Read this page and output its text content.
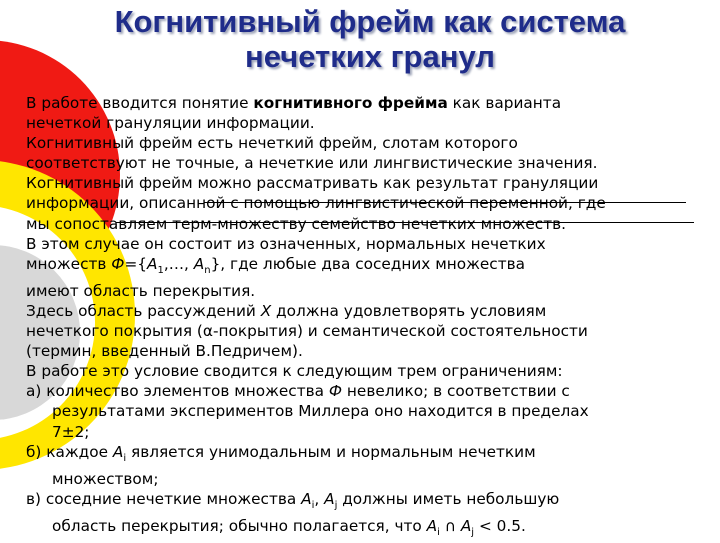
Когнитивный фрейм как система
нечетких гранул
В работе вводится понятие когнитивного фрейма как варианта
нечеткой грануляции информации.
Когнитивный фрейм есть нечеткий фрейм, слотам которого
соответствуют не точные, а нечеткие или лингвистические значения.
Когнитивный фрейм можно рассматривать как результат грануляции
информации, описанной с помощью лингвистической переменной, где
мы сопоставляем терм-множеству семейство нечетких множеств.
В этом случае он состоит из означенных, нормальных нечетких
множеств $Ф=\{A_1,\dots$, $A_n$}, где любые два соседних множества
имеют область перекрытия.
Здесь область рассуждений X должна удовлетворять условиям
нечеткого покрытия (α-покрытия) и семантической состоятельности
(термин, введенный В.Педричем).
В работе это условие сводится к следующим трем ограничениям:
а) количество элементов множества Ф невелико; в соответствии с
результатами экспериментов Миллера оно находится в пределах
7±2;
б) каждое $A_i$ является унимодальным и нормальным нечетким
множеством;
в) соседние нечеткие множества $A_i$, $A_j$ должны иметь небольшую
область перекрытия; обычно полагается, что $A_i$ ∩ $A_j < 0.5$.
